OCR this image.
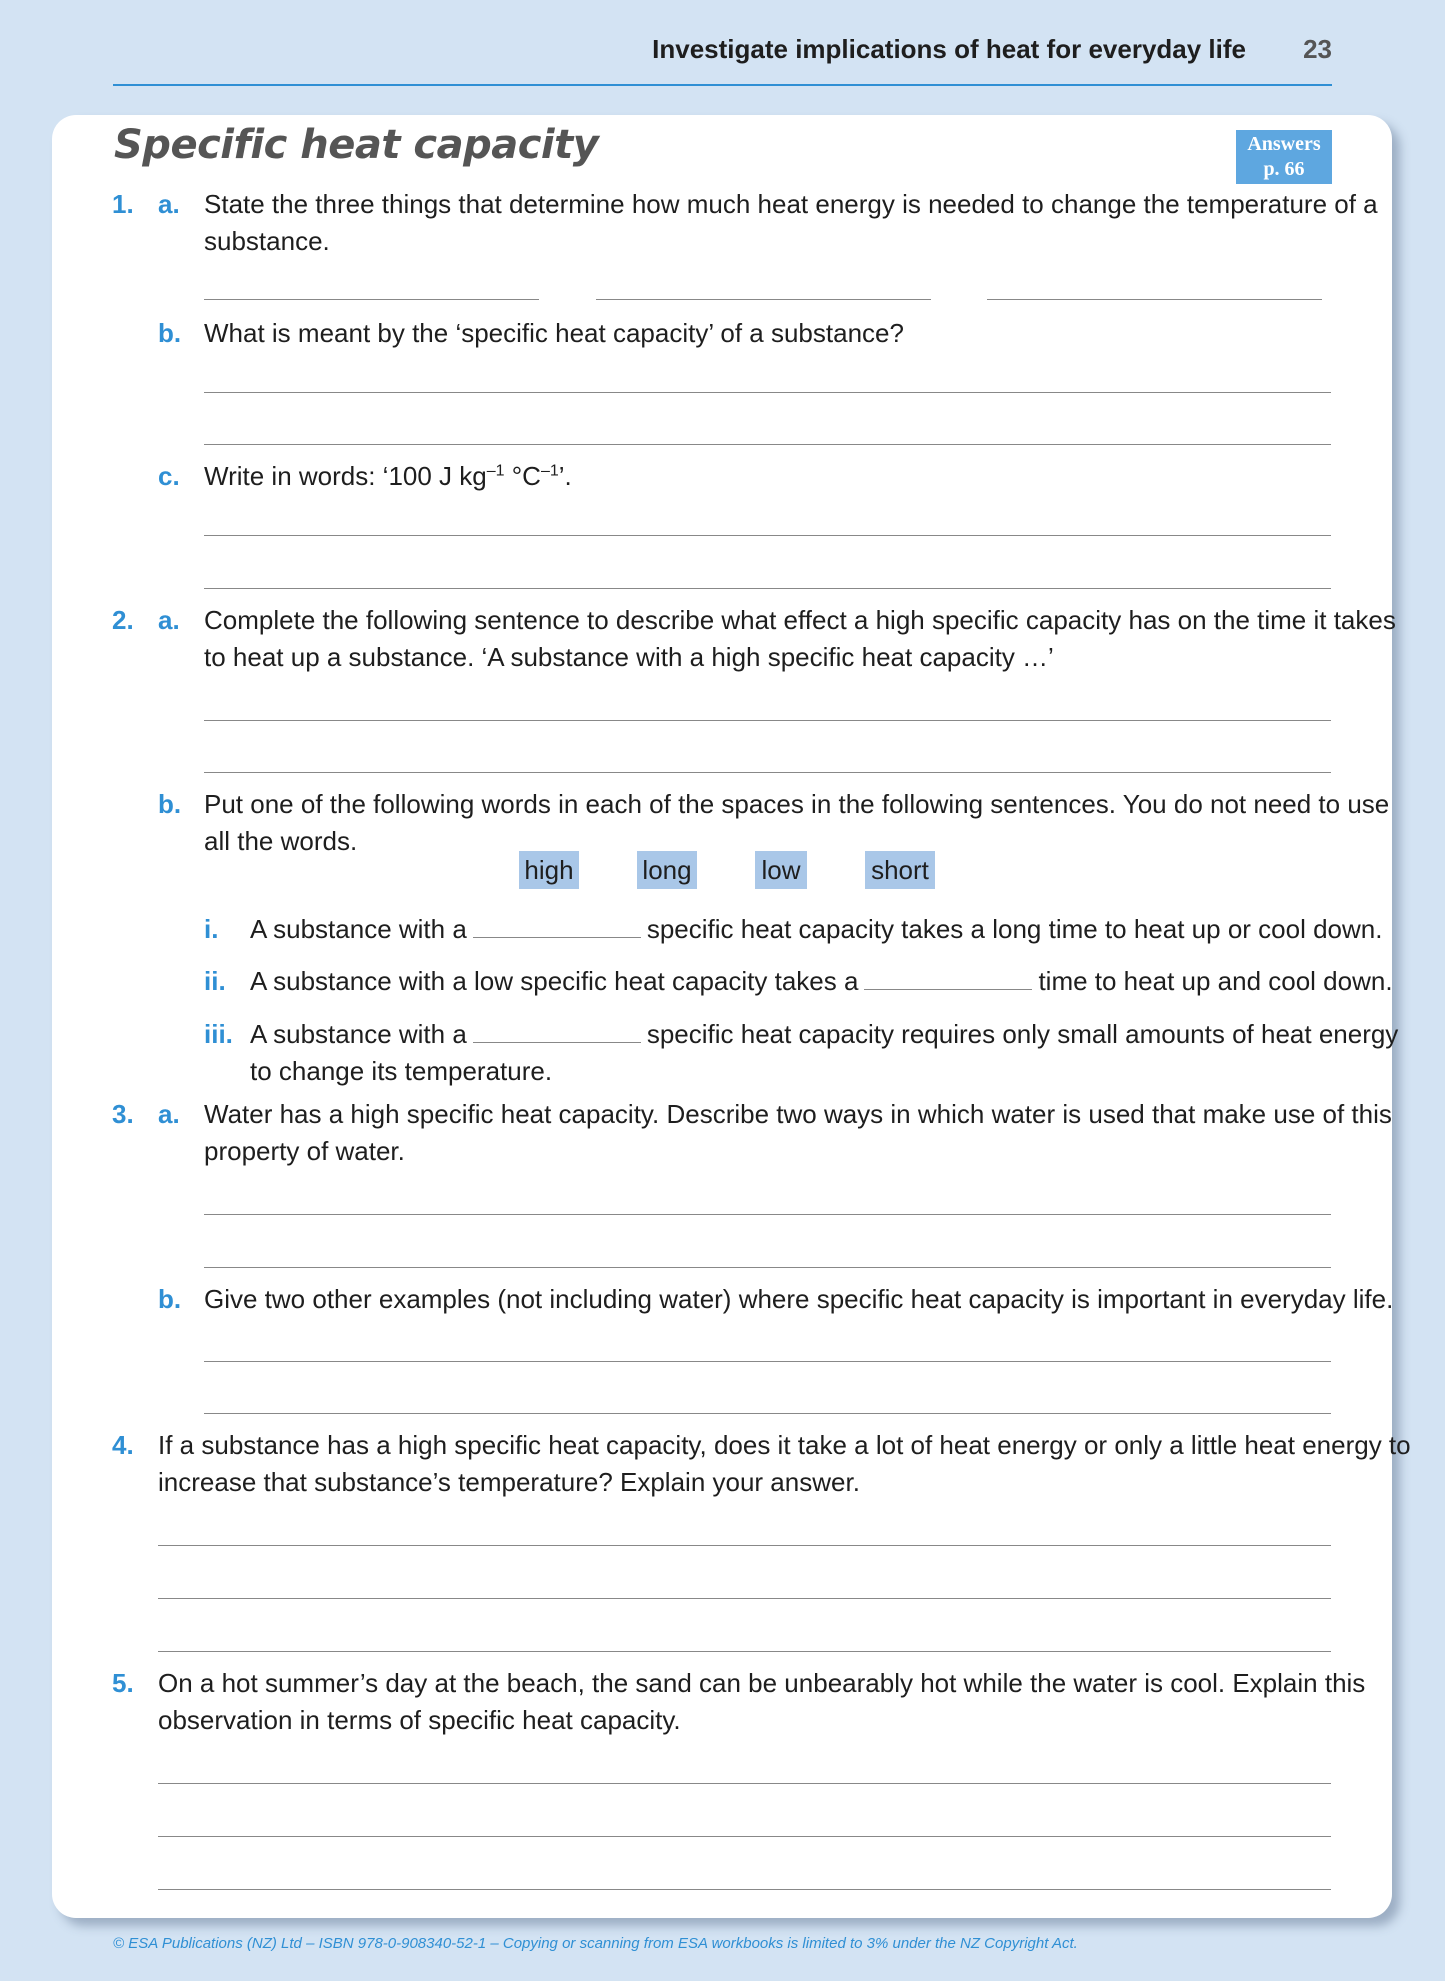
Investigate implications of heat for everyday life 23
Specific heat capacity	Answers
p. 66
1. a. State the three things that determine how much heat energy is needed to change the temperature of a
substance.
b. What is meant by the ‘specific heat capacity’ of a substance?
c. Write in words: ‘100 J $kg^{-1}$ $^\circ C^{-1}$’.
2. a. Complete the following sentence to describe what effect a high specific capacity has on the time it takes
to heat up a substance. ‘A substance with a high specific heat capacity …’
b. Put one of the following words in each of the spaces in the following sentences. You do not need to use
all the words.
high	long	low	short
i. A substance with a	specific heat capacity takes a long time to heat up or cool down.
ii. A substance with a low specific heat capacity takes a	time to heat up and cool down.
iii. A substance with a	specific heat capacity requires only small amounts of heat energy
to change its temperature.
3. a. Water has a high specific heat capacity. Describe two ways in which water is used that make use of this
property of water.
b. Give two other examples (not including water) where specific heat capacity is important in everyday life.
4. If a substance has a high specific heat capacity, does it take a lot of heat energy or only a little heat energy to
increase that substance’s temperature? Explain your answer.
5. On a hot summer’s day at the beach, the sand can be unbearably hot while the water is cool. Explain this
observation in terms of specific heat capacity.
© ESA Publications (NZ) Ltd – ISBN 978-0-908340-52-1 – Copying or scanning from ESA workbooks is limited to 3% under the NZ Copyright Act.
